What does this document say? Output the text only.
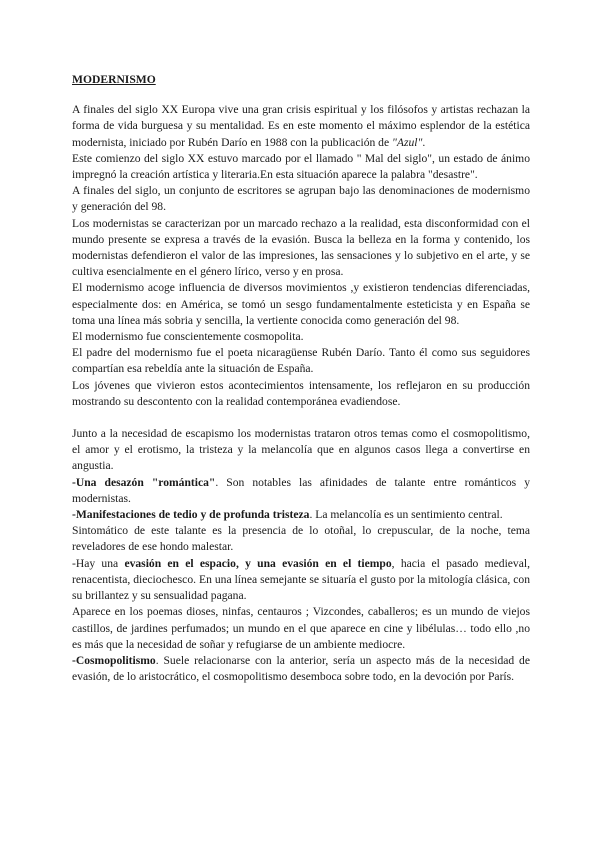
MODERNISMO

A finales del siglo XX Europa vive una gran crisis espiritual y los filósofos y artistas rechazan la forma de vida burguesa y su mentalidad. Es en este momento el máximo esplendor de la estética modernista, iniciado por Rubén Darío en 1988 con la publicación de "Azul".

Este comienzo del siglo XX estuvo marcado por el llamado " Mal del siglo", un estado de ánimo impregnó la creación artística y literaria.En esta situación aparece la palabra "desastre".

A finales del siglo, un conjunto de escritores se agrupan bajo las denominaciones de modernismo y generación del 98.

Los modernistas se caracterizan por un marcado rechazo a la realidad, esta disconformidad con el mundo presente se expresa a través de la evasión. Busca la belleza en la forma y contenido, los modernistas defendieron el valor de las impresiones, las sensaciones y lo subjetivo en el arte, y se cultiva esencialmente en el género lírico, verso y en prosa.

El modernismo acoge influencia de diversos movimientos ,y existieron tendencias diferenciadas, especialmente dos: en América, se tomó un sesgo fundamentalmente esteticista y en España se toma una línea más sobria y sencilla, la vertiente conocida como generación del 98.

El modernismo fue conscientemente cosmopolita.

El padre del modernismo fue el poeta nicaragüense Rubén Darío. Tanto él como sus seguidores compartían esa rebeldía ante la situación de España.

Los jóvenes que vivieron estos acontecimientos intensamente, los reflejaron en su producción mostrando su descontento con la realidad contemporánea evadiendose.

Junto a la necesidad de escapismo los modernistas trataron otros temas como el cosmopolitismo, el amor y el erotismo, la tristeza y la melancolía que en algunos casos llega a convertirse en angustia.

-Una desazón "romántica". Son notables las afinidades de talante entre románticos y modernistas.

-Manifestaciones de tedio y de profunda tristeza. La melancolía es un sentimiento central.

Sintomático de este talante es la presencia de lo otoñal, lo crepuscular, de la noche, tema reveladores de ese hondo malestar.

-Hay una evasión en el espacio, y una evasión en el tiempo, hacia el pasado medieval, renacentista, dieciochesco. En una línea semejante se situaría el gusto por la mitología clásica, con su brillantez y su sensualidad pagana.

Aparece en los poemas dioses, ninfas, centauros ; Vizcondes, caballeros; es un mundo de viejos castillos, de jardines perfumados; un mundo en el que aparece en cine y libélulas… todo ello ,no es más que la necesidad de soñar y refugiarse de un ambiente mediocre.

-Cosmopolitismo. Suele relacionarse con la anterior, sería un aspecto más de la necesidad de evasión, de lo aristocrático, el cosmopolitismo desemboca sobre todo, en la devoción por París.
